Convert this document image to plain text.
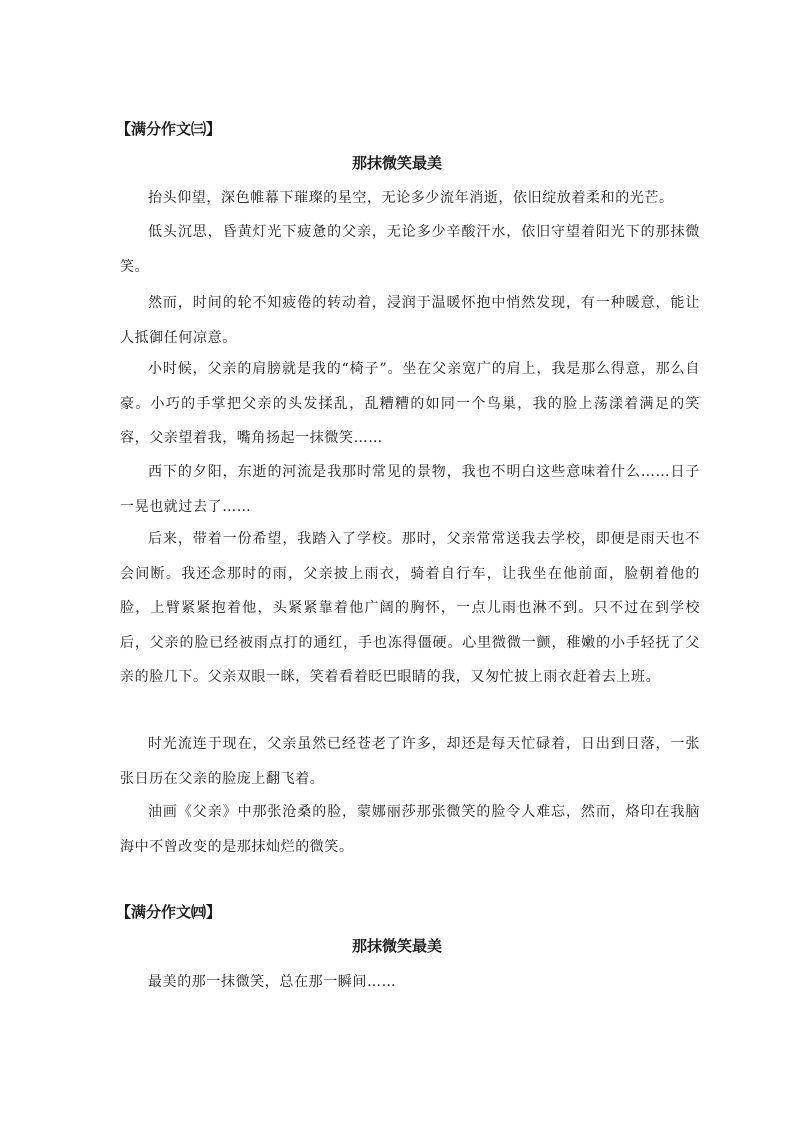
【满分作文㈢】
那抹微笑最美

抬头仰望，深色帷幕下璀璨的星空，无论多少流年消逝，依旧绽放着柔和的光芒。

低头沉思，昏黄灯光下疲惫的父亲，无论多少辛酸汗水，依旧守望着阳光下的那抹微笑。

然而，时间的轮不知疲倦的转动着，浸润于温暖怀抱中悄然发现，有一种暖意，能让人抵御任何凉意。

小时候，父亲的肩膀就是我的“椅子”。坐在父亲宽广的肩上，我是那么得意，那么自豪。小巧的手掌把父亲的头发揉乱，乱糟糟的如同一个鸟巢，我的脸上荡漾着满足的笑容，父亲望着我，嘴角扬起一抹微笑……

西下的夕阳，东逝的河流是我那时常见的景物，我也不明白这些意味着什么……日子一晃也就过去了……

后来，带着一份希望，我踏入了学校。那时，父亲常常送我去学校，即便是雨天也不会间断。我还念那时的雨，父亲披上雨衣，骑着自行车，让我坐在他前面，脸朝着他的脸，上臂紧紧抱着他，头紧紧靠着他广阔的胸怀，一点儿雨也淋不到。只不过在到学校后，父亲的脸已经被雨点打的通红，手也冻得僵硬。心里微微一颤，稚嫩的小手轻抚了父亲的脸几下。父亲双眼一眯，笑着看着眨巴眼睛的我，又匆忙披上雨衣赶着去上班。

时光流连于现在，父亲虽然已经苍老了许多，却还是每天忙碌着，日出到日落，一张张日历在父亲的脸庞上翻飞着。

油画《父亲》中那张沧桑的脸，蒙娜丽莎那张微笑的脸令人难忘，然而，烙印在我脑海中不曾改变的是那抹灿烂的微笑。

【满分作文㈣】
那抹微笑最美

最美的那一抹微笑，总在那一瞬间……
